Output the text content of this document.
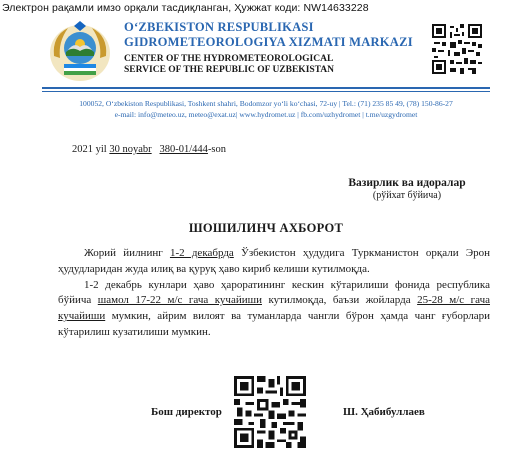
Электрон рақамли имзо орқали тасдиқланган, Ҳужжат коди: NW14633228
O‘ZBEKISTON RESPUBLIKASI
GIDROMETEOROLOGIYA XIZMATI MARKAZI
CENTER OF THE HYDROMETEOROLOGICAL
SERVICE OF THE REPUBLIC OF UZBEKISTAN
100052, O‘zbekiston Respublikasi, Toshkent shahri, Bodomzor yo‘li ko‘chasi, 72-uy | Tel.: (71) 235 85 49, (78) 150-86-27
e-mail: info@meteo.uz, meteo@exat.uz| www.hydromet.uz | fb.com/uzhydromet | t.me/uzgydromet
2021 yil 30 noyabr 380-01/444-son
Вазирлик ва идоралар
(рўйхат бўйича)
ШОШИЛИНЧ АХБОРОТ

Жорий йилнинг 1-2 декабрда Ўзбекистон ҳудудига Туркманистон орқали Эрон ҳудудларидан жуда илиқ ва қуруқ ҳаво кириб келиши кутилмоқда.

1-2 декабрь кунлари ҳаво ҳароратининг кескин кўтарилиши фонида республика бўйича шамол 17-22 м/с гача кучайиши кутилмоқда, баъзи жойларда 25-28 м/с гача кучайиши мумкин, айрим вилоят ва туманларда чангли бўрон ҳамда чанг ғуборлари кўтарилиш кузатилиши мумкин.

Бош директор	Ш. Ҳабибуллаев
